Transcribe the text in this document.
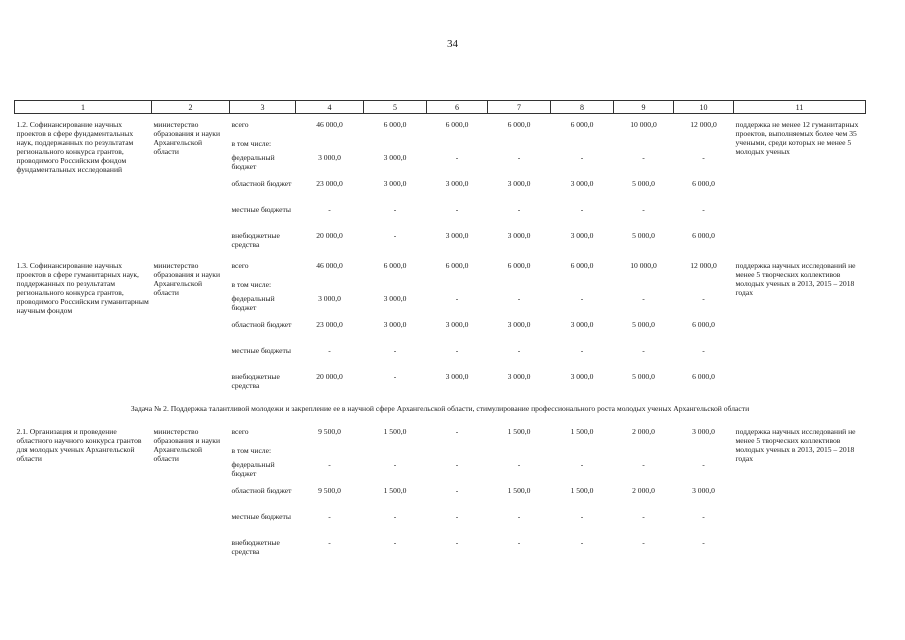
34
1	2	3	4	5	6	7	8	9	10	11

1.2. Софинансирование научных проектов в сфере фундаментальных наук, поддержанных по результатам регионального конкурса грантов, проводимого Российским фондом фундаментальных исследований	министерство образования и науки Архангельской области	всего	46 000,0	6 000,0	6 000,0	6 000,0	6 000,0	10 000,0	12 000,0	поддержка не менее 12 гуманитарных проектов, выполняемых более чем 35 учеными, среди которых не менее 5 молодых ученых
		в том числе:								
		федеральный бюджет	3 000,0	3 000,0	-	-	-	-	-	
		областной бюджет	23 000,0	3 000,0	3 000,0	3 000,0	3 000,0	5 000,0	6 000,0	
		местные бюджеты	-	-	-	-	-	-	-	
		внебюджетные средства	20 000,0	-	3 000,0	3 000,0	3 000,0	5 000,0	6 000,0	

1.3. Софинансирование научных проектов в сфере гуманитарных наук, поддержанных по результатам регионального конкурса грантов, проводимого Российским гуманитарным научным фондом	министерство образования и науки Архангельской области	всего	46 000,0	6 000,0	6 000,0	6 000,0	6 000,0	10 000,0	12 000,0	поддержка научных исследований не менее 5 творческих коллективов молодых ученых в 2013, 2015 – 2018 годах
		в том числе:								
		федеральный бюджет	3 000,0	3 000,0	-	-	-	-	-	
		областной бюджет	23 000,0	3 000,0	3 000,0	3 000,0	3 000,0	5 000,0	6 000,0	
		местные бюджеты	-	-	-	-	-	-	-	
		внебюджетные средства	20 000,0	-	3 000,0	3 000,0	3 000,0	5 000,0	6 000,0	
Задача № 2. Поддержка талантливой молодежи и закрепление ее в научной сфере Архангельской области, стимулирование профессионального роста молодых ученых Архангельской области										

2.1. Организация и проведение областного научного конкурса грантов для молодых ученых Архангельской области	министерство образования и науки Архангельской области	всего	9 500,0	1 500,0	-	1 500,0	1 500,0	2 000,0	3 000,0	поддержка научных исследований не менее 5 творческих коллективов молодых ученых в 2013, 2015 – 2018 годах
		в том числе:								
		федеральный бюджет	-	-	-	-	-	-	-	
		областной бюджет	9 500,0	1 500,0	-	1 500,0	1 500,0	2 000,0	3 000,0	
		местные бюджеты	-	-	-	-	-	-	-	
		внебюджетные средства	-	-	-	-	-	-	-	
